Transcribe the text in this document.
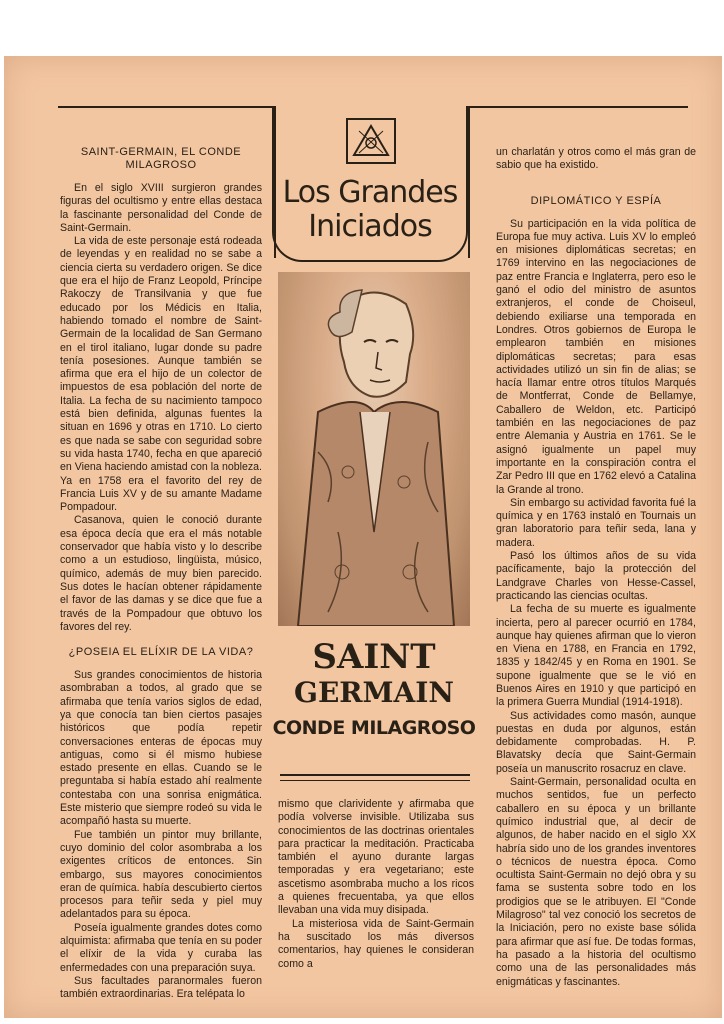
Los Grandes
Iniciados
SAINT
GERMAIN
CONDE MILAGROSO
SAINT-GERMAIN, EL CONDE MILAGROSO

En el siglo XVIII surgieron grandes figuras del ocultismo y entre ellas destaca la fascinante personalidad del Conde de Saint-Germain.

La vida de este personaje está rodeada de leyendas y en realidad no se sabe a ciencia cierta su verdadero origen. Se dice que era el hijo de Franz Leopold, Príncipe Rakoczy de Transilvania y que fue educado por los Médicis en Italia, habiendo tomado el nombre de Saint-Germain de la localidad de San Germano en el tirol italiano, lugar donde su padre tenía posesiones. Aunque también se afirma que era el hijo de un colector de impuestos de esa población del norte de Italia. La fecha de su nacimiento tampoco está bien definida, algunas fuentes la situan en 1696 y otras en 1710. Lo cierto es que nada se sabe con seguridad sobre su vida hasta 1740, fecha en que apareció en Viena haciendo amistad con la nobleza. Ya en 1758 era el favorito del rey de Francia Luis XV y de su amante Madame Pompadour.

Casanova, quien le conoció durante esa época decía que era el más notable conservador que había visto y lo describe como a un estudioso, lingüista, músico, químico, además de muy bien parecido. Sus dotes le hacían obtener rápidamente el favor de las damas y se dice que fue a través de la Pompadour que obtuvo los favores del rey.

¿POSEIA EL ELÍXIR DE LA VIDA?

Sus grandes conocimientos de historia asombraban a todos, al grado que se afirmaba que tenía varios siglos de edad, ya que conocía tan bien ciertos pasajes históricos que podía repetir conversaciones enteras de épocas muy antiguas, como si él mismo hubiese estado presente en ellas. Cuando se le preguntaba si había estado ahí realmente contestaba con una sonrisa enigmática. Este misterio que siempre rodeó su vida le acompañó hasta su muerte.

Fue también un pintor muy brillante, cuyo dominio del color asombraba a los exigentes críticos de entonces. Sin embargo, sus mayores conocimientos eran de química. había descubierto ciertos procesos para teñir seda y piel muy adelantados para su época.

Poseía igualmente grandes dotes como alquimista: afirmaba que tenía en su poder el elíxir de la vida y curaba las enfermedades con una preparación suya.

Sus facultades paranormales fueron también extraordinarias. Era telépata lo

mismo que clarividente y afirmaba que podía volverse invisible. Utilizaba sus conocimientos de las doctrinas orientales para practicar la meditación. Practicaba también el ayuno durante largas temporadas y era vegetariano; este ascetismo asombraba mucho a los ricos a quienes frecuentaba, ya que ellos llevaban una vida muy disipada.

La misteriosa vida de Saint-Germain ha suscitado los más diversos comentarios, hay quienes le consideran como a

un charlatán y otros como el más gran de sabio que ha existido.

DIPLOMÁTICO Y ESPÍA

Su participación en la vida política de Europa fue muy activa. Luis XV lo empleó en misiones diplomáticas secretas; en 1769 intervino en las negociaciones de paz entre Francia e Inglaterra, pero eso le ganó el odio del ministro de asuntos extranjeros, el conde de Choiseul, debiendo exiliarse una temporada en Londres. Otros gobiernos de Europa le emplearon también en misiones diplomáticas secretas; para esas actividades utilizó un sin fin de alias; se hacía llamar entre otros títulos Marqués de Montferrat, Conde de Bellamye, Caballero de Weldon, etc. Participó también en las negociaciones de paz entre Alemania y Austria en 1761. Se le asignó igualmente un papel muy importante en la conspiración contra el Zar Pedro III que en 1762 elevó a Catalina la Grande al trono.

Sin embargo su actividad favorita fué la química y en 1763 instaló en Tournais un gran laboratorio para teñir seda, lana y madera.

Pasó los últimos años de su vida pacíficamente, bajo la protección del Landgrave Charles von Hesse-Cassel, practicando las ciencias ocultas.

La fecha de su muerte es igualmente incierta, pero al parecer ocurrió en 1784, aunque hay quienes afirman que lo vieron en Viena en 1788, en Francia en 1792, 1835 y 1842/45 y en Roma en 1901. Se supone igualmente que se le vió en Buenos Aires en 1910 y que participó en la primera Guerra Mundial (1914-1918).

Sus actividades como masón, aunque puestas en duda por algunos, están debidamente comprobadas. H. P. Blavatsky decía que Saint-Germain poseía un manuscrito rosacruz en clave.

Saint-Germain, personalidad oculta en muchos sentidos, fue un perfecto caballero en su época y un brillante químico industrial que, al decir de algunos, de haber nacido en el siglo XX habría sido uno de los grandes inventores o técnicos de nuestra época. Como ocultista Saint-Germain no dejó obra y su fama se sustenta sobre todo en los prodigios que se le atribuyen. El "Conde Milagroso" tal vez conoció los secretos de la Iniciación, pero no existe base sólida para afirmar que así fue. De todas formas, ha pasado a la historia del ocultismo como una de las personalidades más enigmáticas y fascinantes.
